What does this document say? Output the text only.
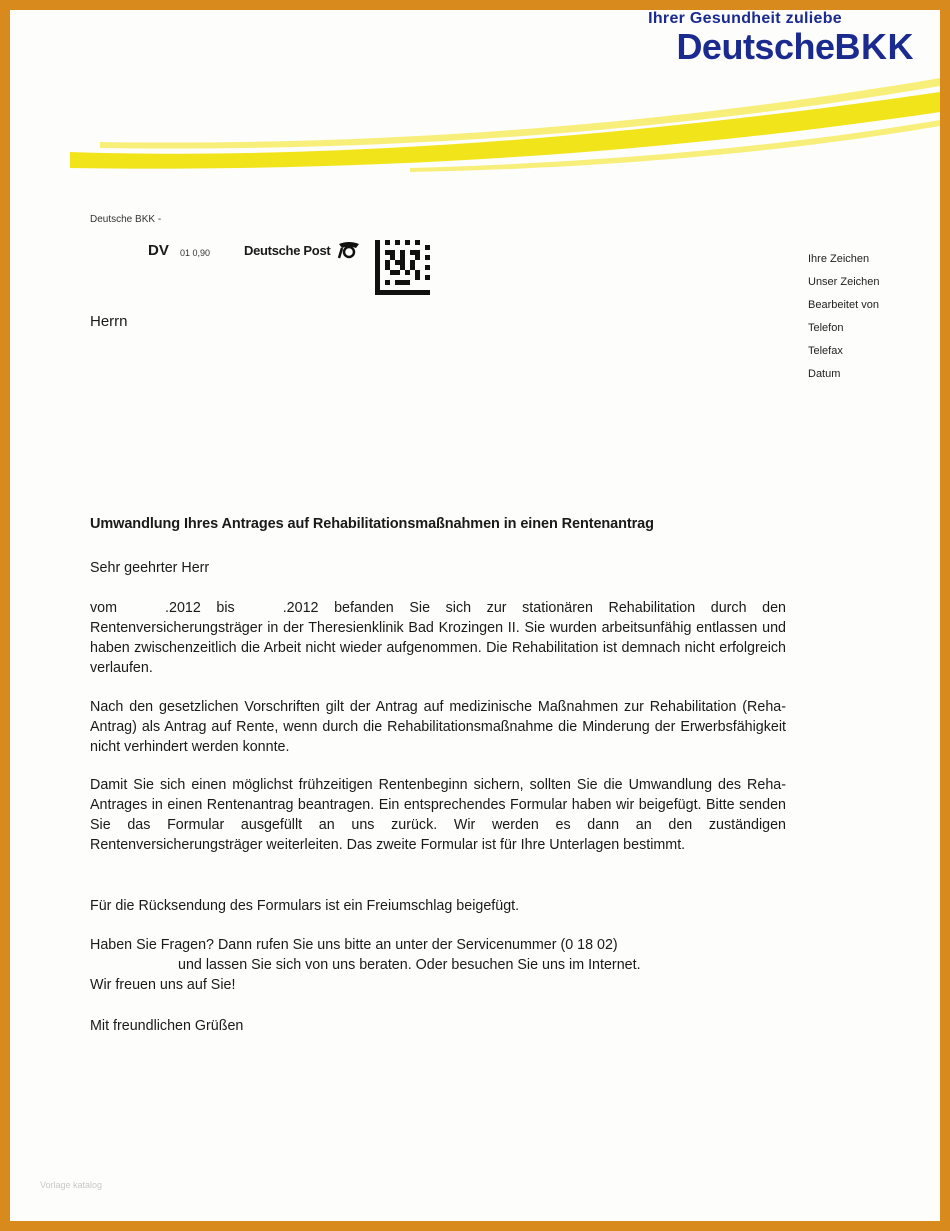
Ihrer Gesundheit zuliebe
DeutscheBKK
Deutsche BKK -
DV 01 0,90	Deutsche Post
Herrn
Ihre Zeichen
Unser Zeichen
Bearbeitet von
Telefon
Telefax
Datum
Umwandlung Ihres Antrages auf Rehabilitationsmaßnahmen in einen Rentenantrag
Sehr geehrter Herr
vom	.2012 bis	.2012 befanden Sie sich zur stationären Rehabilitation durch den Rentenversicherungsträger in der Theresienklinik Bad Krozingen II. Sie wurden arbeitsunfähig entlassen und haben zwischenzeitlich die Arbeit nicht wieder aufgenommen. Die Rehabilitation ist demnach nicht erfolgreich verlaufen.
Nach den gesetzlichen Vorschriften gilt der Antrag auf medizinische Maßnahmen zur Rehabilitation (Reha-Antrag) als Antrag auf Rente, wenn durch die Rehabilitationsmaßnahme die Minderung der Erwerbsfähigkeit nicht verhindert werden konnte.
Damit Sie sich einen möglichst frühzeitigen Rentenbeginn sichern, sollten Sie die Umwandlung des Reha-Antrages in einen Rentenantrag beantragen. Ein entsprechendes Formular haben wir beigefügt. Bitte senden Sie das Formular ausgefüllt an uns zurück. Wir werden es dann an den zuständigen Rentenversicherungsträger weiterleiten. Das zweite Formular ist für Ihre Unterlagen bestimmt.
Für die Rücksendung des Formulars ist ein Freiumschlag beigefügt.
Haben Sie Fragen? Dann rufen Sie uns bitte an unter der Servicenummer (0 18 02)
und lassen Sie sich von uns beraten. Oder besuchen Sie uns im Internet.
Wir freuen uns auf Sie!
Mit freundlichen Grüßen
Vorlage katalog
